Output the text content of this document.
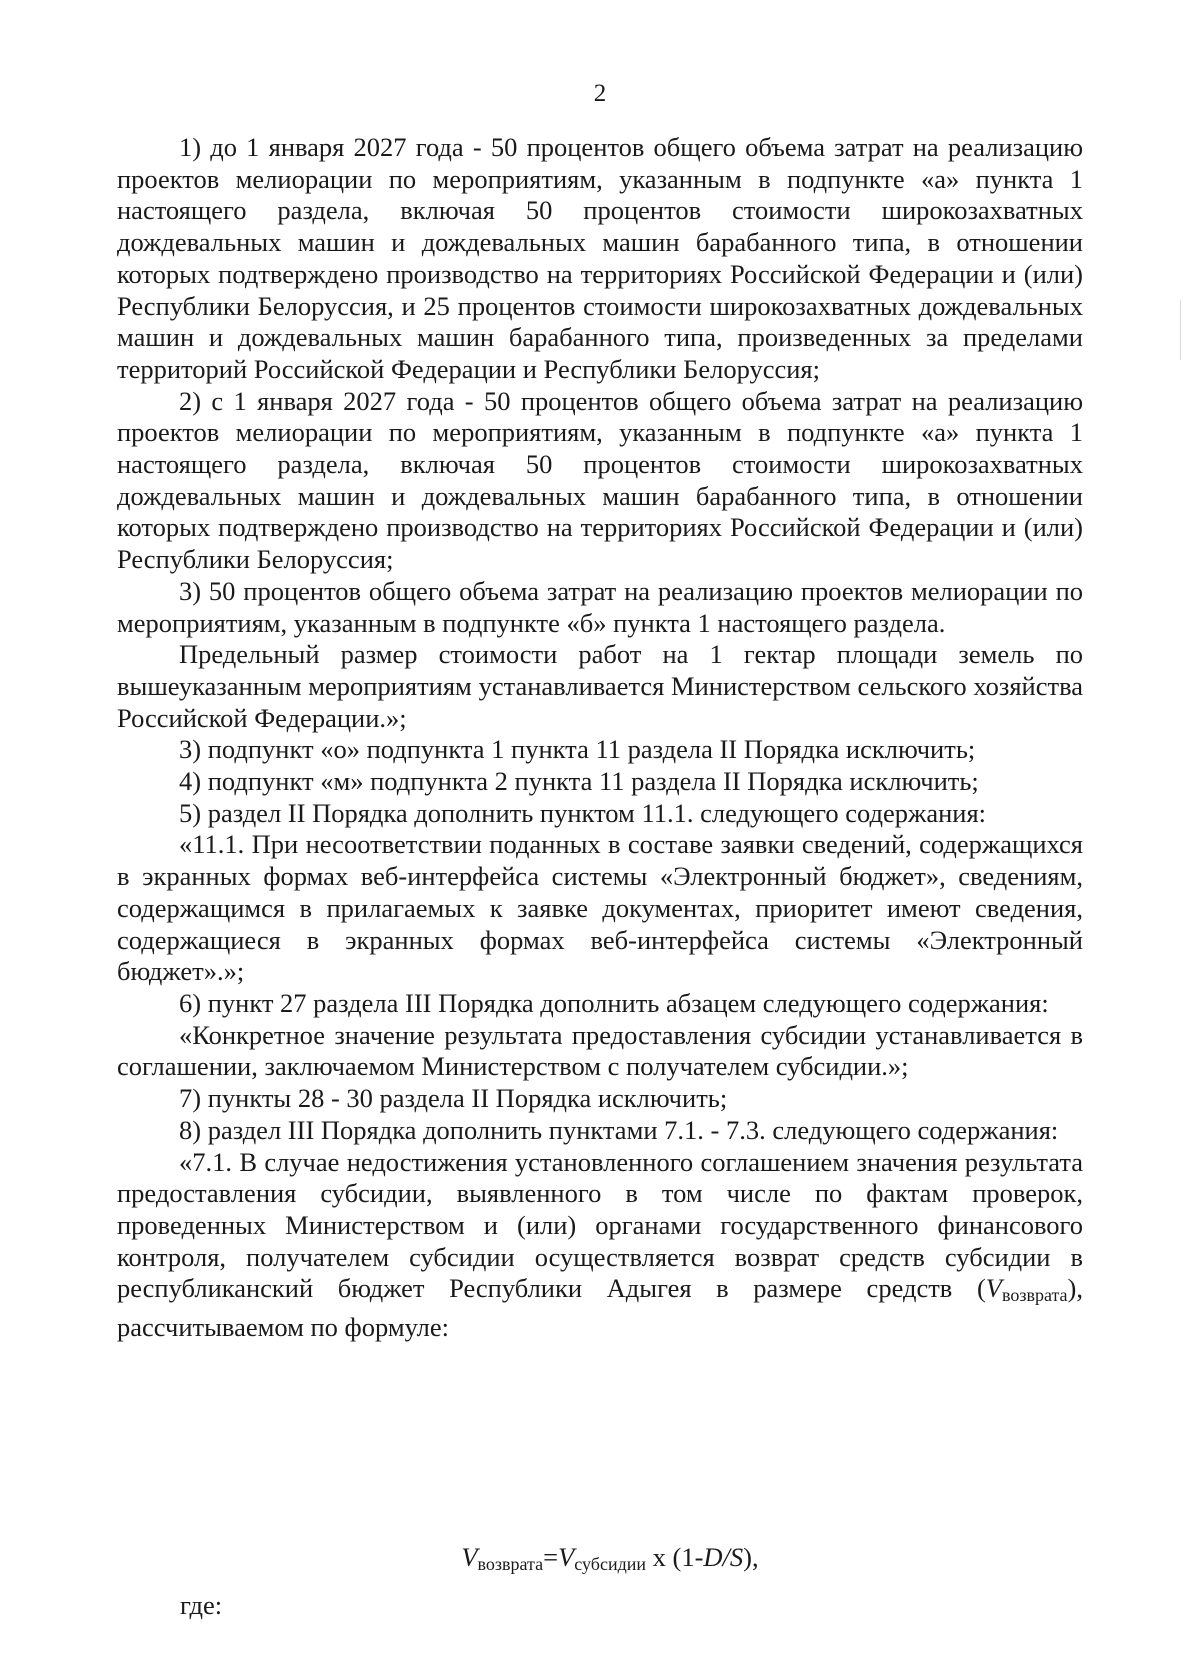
2

1) до 1 января 2027 года - 50 процентов общего объема затрат на реализацию проектов мелиорации по мероприятиям, указанным в подпункте «а» пункта 1 настоящего раздела, включая 50 процентов стоимости широкозахватных дождевальных машин и дождевальных машин барабанного типа, в отношении которых подтверждено производство на территориях Российской Федерации и (или) Республики Белоруссия, и 25 процентов стоимости широкозахватных дождевальных машин и дождевальных машин барабанного типа, произведенных за пределами территорий Российской Федерации и Республики Белоруссия;

2) с 1 января 2027 года - 50 процентов общего объема затрат на реализацию проектов мелиорации по мероприятиям, указанным в подпункте «а» пункта 1 настоящего раздела, включая 50 процентов стоимости широкозахватных дождевальных машин и дождевальных машин барабанного типа, в отношении которых подтверждено производство на территориях Российской Федерации и (или) Республики Белоруссия;

3) 50 процентов общего объема затрат на реализацию проектов мелиорации по мероприятиям, указанным в подпункте «б» пункта 1 настоящего раздела.

Предельный размер стоимости работ на 1 гектар площади земель по вышеуказанным мероприятиям устанавливается Министерством сельского хозяйства Российской Федерации.»;

3) подпункт «о» подпункта 1 пункта 11 раздела II Порядка исключить;

4) подпункт «м» подпункта 2 пункта 11 раздела II Порядка исключить;

5) раздел II Порядка дополнить пунктом 11.1. следующего содержания:

«11.1. При несоответствии поданных в составе заявки сведений, содержащихся в экранных формах веб-интерфейса системы «Электронный бюджет», сведениям, содержащимся в прилагаемых к заявке документах, приоритет имеют сведения, содержащиеся в экранных формах веб-интерфейса системы «Электронный бюджет».»;

6) пункт 27 раздела III Порядка дополнить абзацем следующего содержания:

«Конкретное значение результата предоставления субсидии устанавливается в соглашении, заключаемом Министерством с получателем субсидии.»;

7) пункты 28 - 30 раздела II Порядка исключить;

8) раздел III Порядка дополнить пунктами 7.1. - 7.3. следующего содержания:

«7.1. В случае недостижения установленного соглашением значения результата предоставления субсидии, выявленного в том числе по фактам проверок, проведенных Министерством и (или) органами государственного финансового контроля, получателем субсидии осуществляется возврат средств субсидии в республиканский бюджет Республики Адыгея в размере средств $(V_{возврата})$, рассчитываемом по формуле:

$V_{возврата}=V_{субсидии}$ x (1-D/S),
где:
